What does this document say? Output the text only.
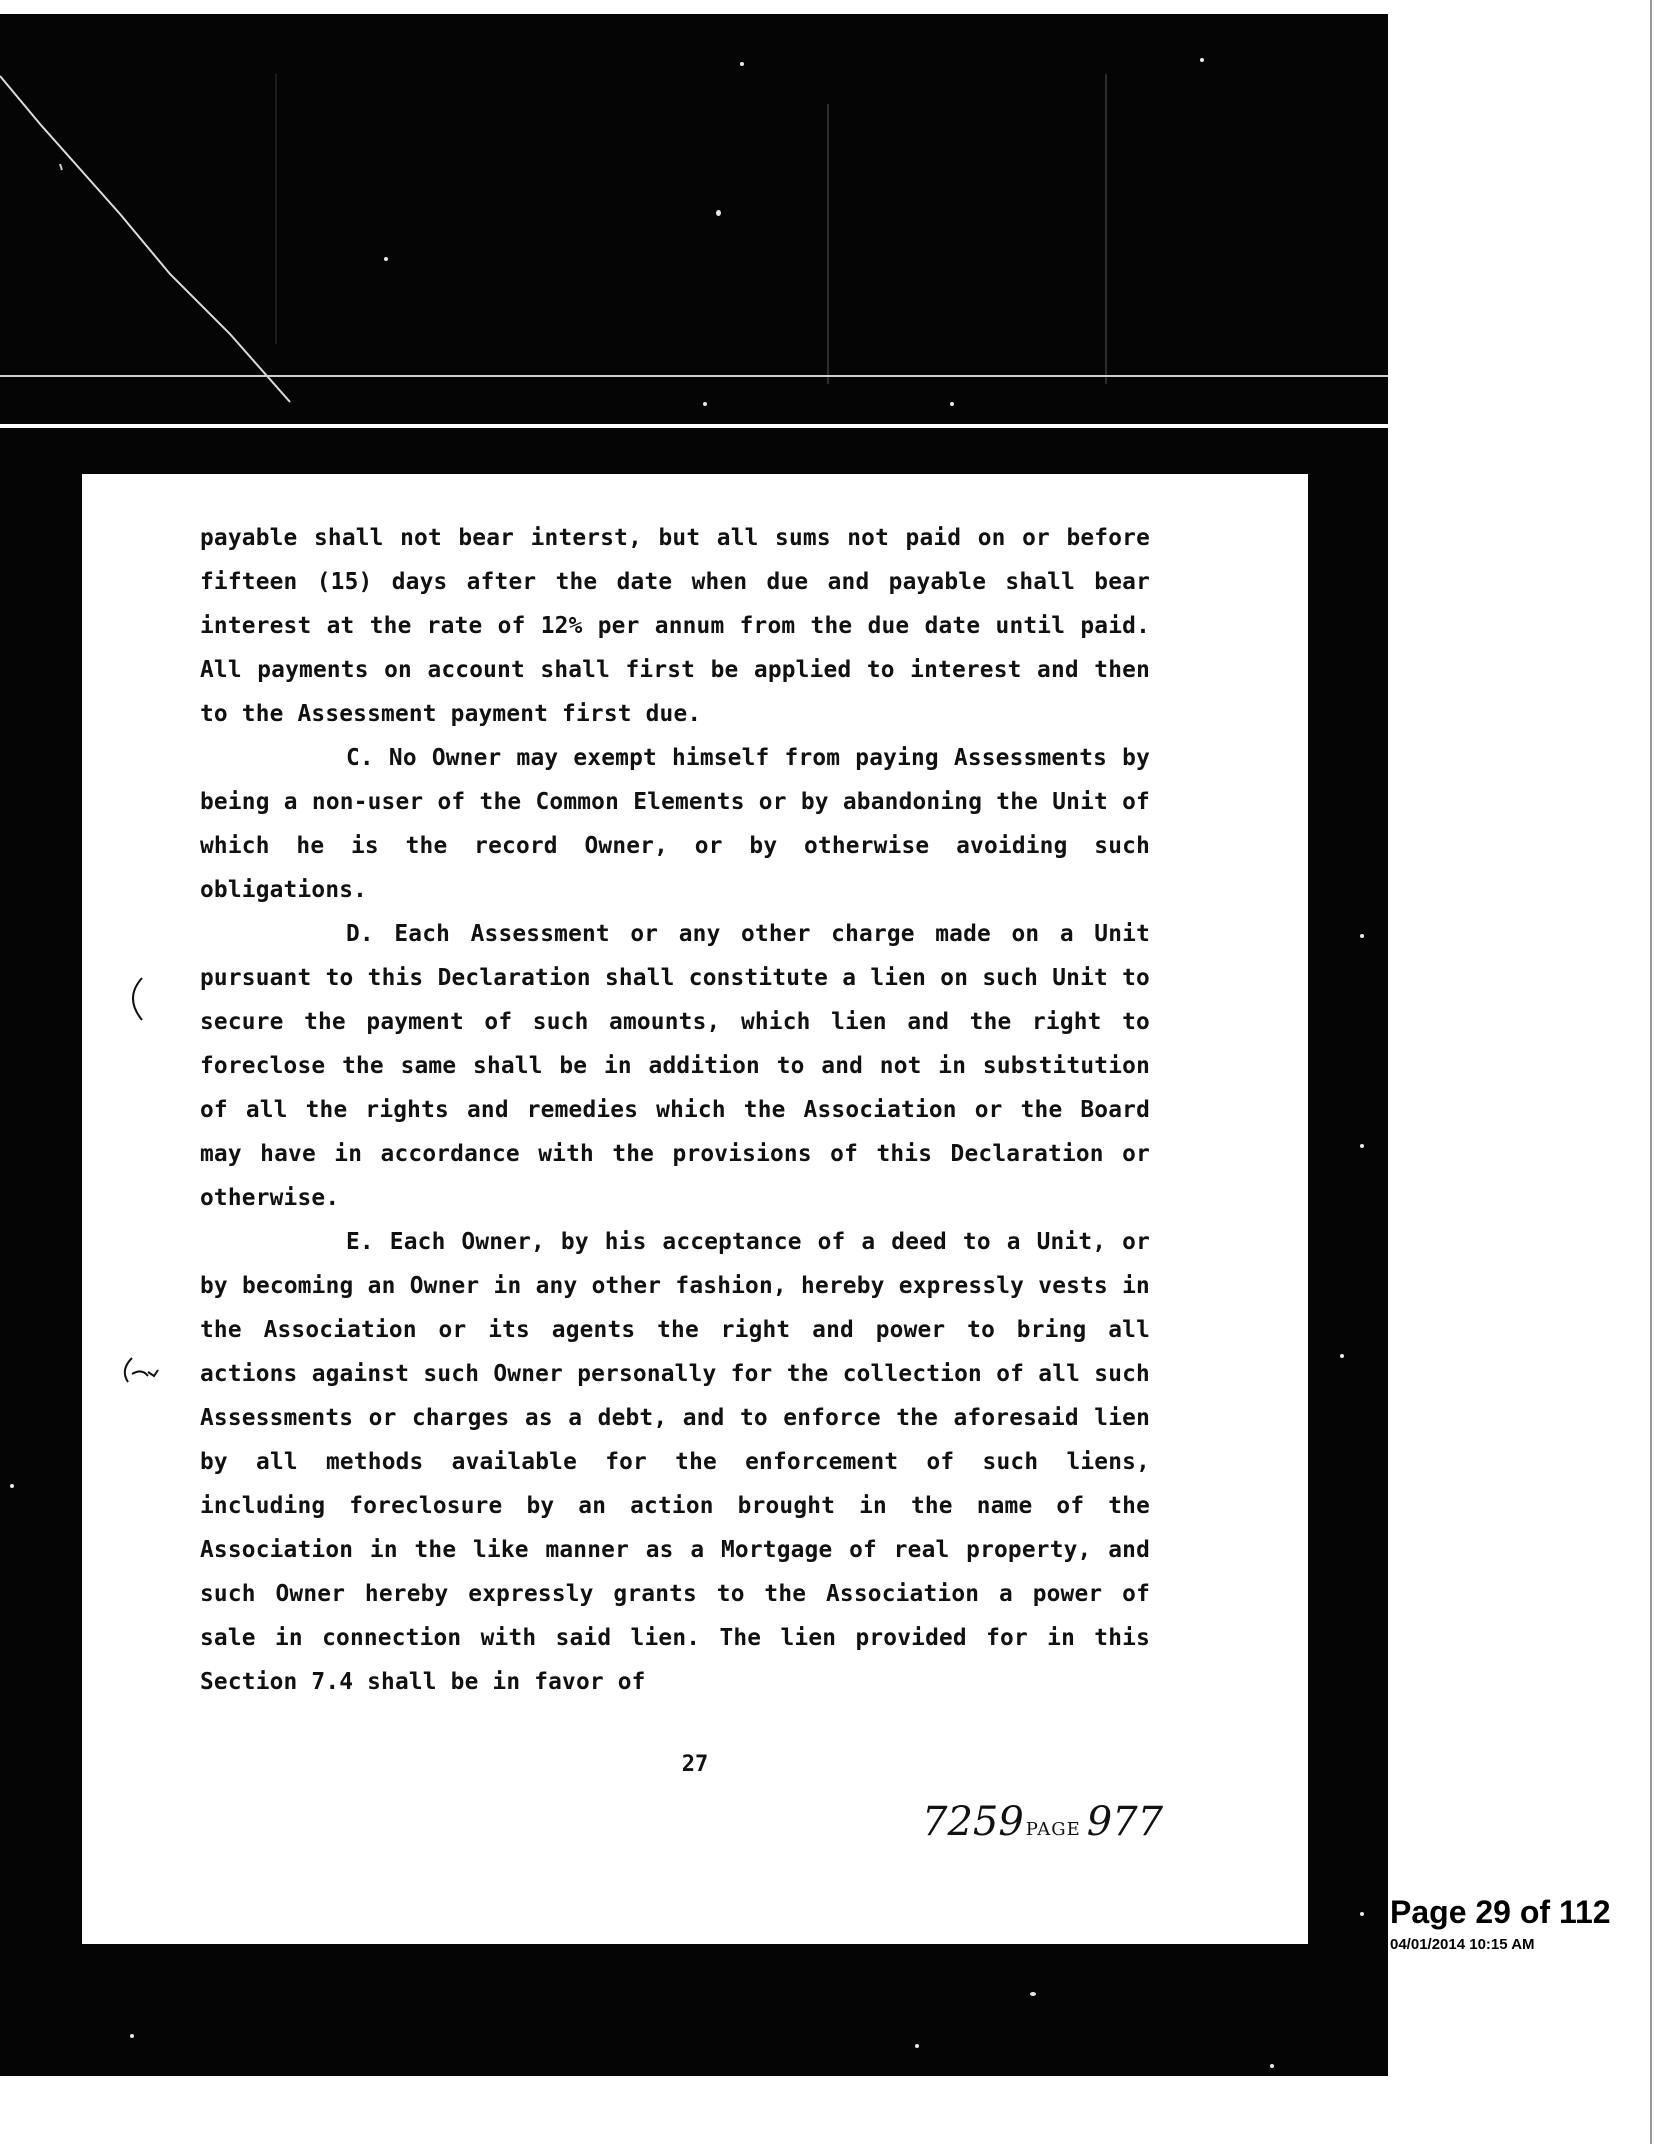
payable shall not bear interst, but all sums not paid on or before fifteen (15) days after the date when due and payable shall bear interest at the rate of 12% per annum from the due date until paid. All payments on account shall first be applied to interest and then to the Assessment payment first due.

C. No Owner may exempt himself from paying Assessments by being a non-user of the Common Elements or by abandoning the Unit of which he is the record Owner, or by otherwise avoiding such obligations.

D. Each Assessment or any other charge made on a Unit pursuant to this Declaration shall constitute a lien on such Unit to secure the payment of such amounts, which lien and the right to foreclose the same shall be in addition to and not in substitution of all the rights and remedies which the Association or the Board may have in accordance with the provisions of this Declaration or otherwise.

E. Each Owner, by his acceptance of a deed to a Unit, or by becoming an Owner in any other fashion, hereby expressly vests in the Association or its agents the right and power to bring all actions against such Owner personally for the collection of all such Assessments or charges as a debt, and to enforce the aforesaid lien by all methods available for the enforcement of such liens, including foreclosure by an action brought in the name of the Association in the like manner as a Mortgage of real property, and such Owner hereby expressly grants to the Association a power of sale in connection with said lien. The lien provided for in this Section 7.4 shall be in favor of

27
7259 PAGE 977
Page 29 of 112
04/01/2014 10:15 AM
